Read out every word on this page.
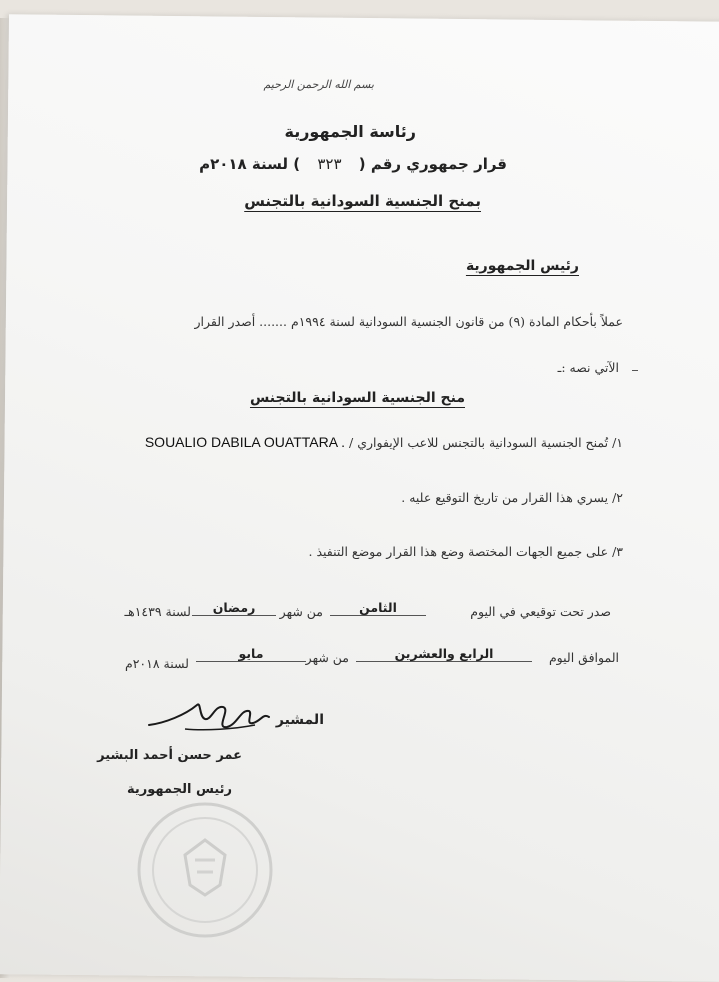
بسم الله الرحمن الرحيم
رئاسة الجمهورية
قرار جمهوري رقم ( ٣٢٣ ) لسنة ٢٠١٨م
بمنح الجنسية السودانية بالتجنس
رئيس الجمهورية
عملاً بأحكام المادة (٩) من قانون الجنسية السودانية لسنة ١٩٩٤م ....... أصدر القرار
الآتي نصه :ـ
منح الجنسية السودانية بالتجنس
١/ تُمنح الجنسية السودانية بالتجنس للاعب الإيفواري / SOUALIO DABILA OUATTARA .
٢/ يسري هذا القرار من تاريخ التوقيع عليه .
٣/ على جميع الجهات المختصة وضع هذا القرار موضع التنفيذ .
صدر تحت توقيعي في اليوم
الثامن
من شهر
رمضان
لسنة ١٤٣٩هـ
الموافق اليوم
الرابع والعشرين
من شهر
مايو
لسنة ٢٠١٨م
المشير
عمر حسن أحمد البشير
رئيس الجمهورية
